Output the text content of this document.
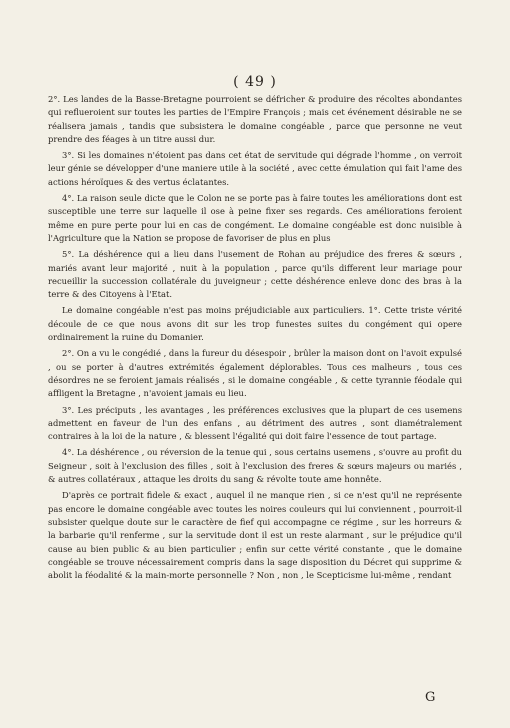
( 49 )

2°. Les landes de la Basse-Bretagne pourroient se défricher & produire des récoltes abondantes qui reflueroient sur toutes les parties de l'Empire François ; mais cet événement désirable ne se réalisera jamais , tandis que subsistera le domaine congéable , parce que personne ne veut prendre des féages à un titre aussi dur.

3°. Si les domaines n'étoient pas dans cet état de servitude qui dégrade l'homme , on verroit leur génie se développer d'une maniere utile à la société , avec cette émulation qui fait l'ame des actions héroïques & des vertus éclatantes.

4°. La raison seule dicte que le Colon ne se porte pas à faire toutes les améliorations dont est susceptible une terre sur laquelle il ose à peine fixer ses regards. Ces améliorations feroient même en pure perte pour lui en cas de congément. Le domaine congéable est donc nuisible à l'Agriculture que la Nation se propose de favoriser de plus en plus

5°. La déshérence qui a lieu dans l'usement de Rohan au préjudice des freres & sœurs , mariés avant leur majorité , nuit à la population , parce qu'ils different leur mariage pour recueillir la succession collatérale du juveigneur ; cette déshérence enleve donc des bras à la terre & des Citoyens à l'Etat.

Le domaine congéable n'est pas moins préjudiciable aux particuliers. 1°. Cette triste vérité découle de ce que nous avons dit sur les trop funestes suites du congément qui opere ordinairement la ruine du Domanier.

2°. On a vu le congédié , dans la fureur du désespoir , brûler la maison dont on l'avoit expulsé , ou se porter à d'autres extrémités également déplorables. Tous ces malheurs , tous ces désordres ne se feroient jamais réalisés , si le domaine congéable , & cette tyrannie féodale qui affligent la Bretagne , n'avoient jamais eu lieu.

3°. Les préciputs , les avantages , les préférences exclusives que la plupart de ces usemens admettent en faveur de l'un des enfans , au détriment des autres , sont diamétralement contraires à la loi de la nature , & blessent l'égalité qui doit faire l'essence de tout partage.

4°. La déshérence , ou réversion de la tenue qui , sous certains usemens , s'ouvre au profit du Seigneur , soit à l'exclusion des filles , soit à l'exclusion des freres & sœurs majeurs ou mariés , & autres collatéraux , attaque les droits du sang & révolte toute ame honnête.

D'après ce portrait fidele & exact , auquel il ne manque rien , si ce n'est qu'il ne représente pas encore le domaine congéable avec toutes les noires couleurs qui lui conviennent , pourroit-il subsister quelque doute sur le caractère de fief qui accompagne ce régime , sur les horreurs & la barbarie qu'il renferme , sur la servitude dont il est un reste alarmant , sur le préjudice qu'il cause au bien public & au bien particulier ; enfin sur cette vérité constante , que le domaine congéable se trouve nécessairement compris dans la sage disposition du Décret qui supprime & abolit la féodalité & la main-morte personnelle ? Non , non , le Scepticisme lui-même , rendant

G
